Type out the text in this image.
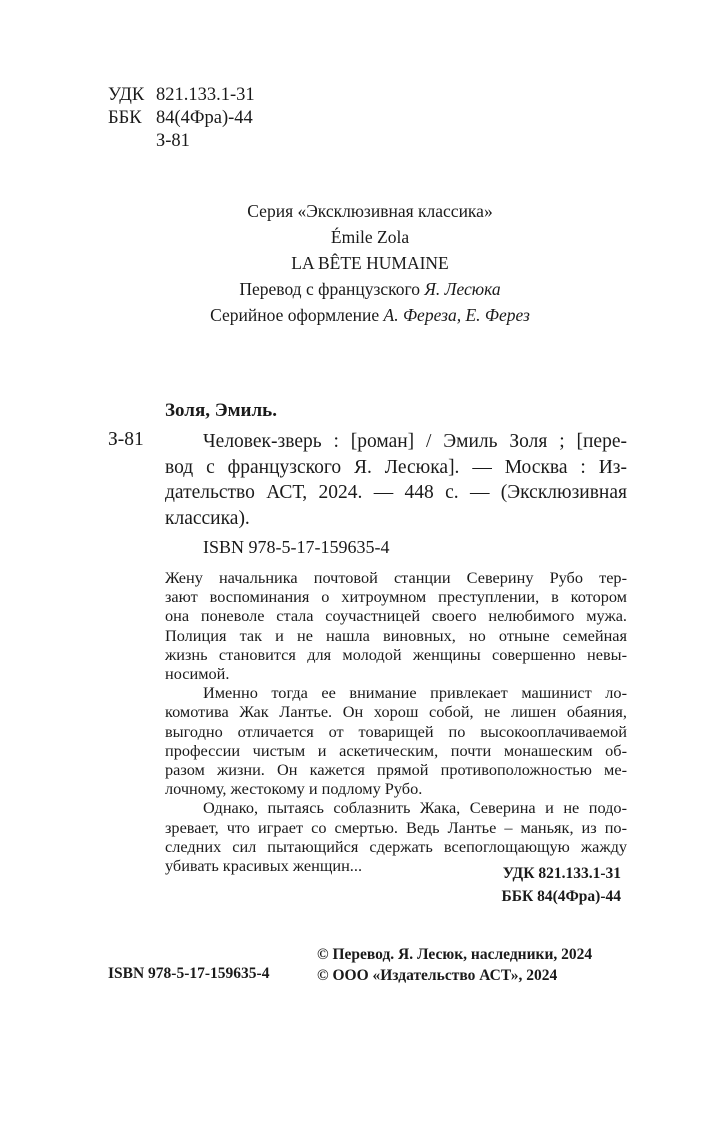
УДК 821.133.1-31
ББК 84(4Фра)-44
З-81
Серия «Эксклюзивная классика»
Émile Zola
LA BÊTE HUMAINE
Перевод с французского Я. Лесюка
Серийное оформление А. Фереза, Е. Ферез
Золя, Эмиль.
З-81	Человек-зверь : [роман] / Эмиль Золя ; [пере-
вод с французского Я. Лесюка]. — Москва : Из-
дательство АСТ, 2024. — 448 с. — (Эксклюзивная
классика).
ISBN 978-5-17-159635-4
Жену начальника почтовой станции Северину Рубо тер-
зают воспоминания о хитроумном преступлении, в котором
она поневоле стала соучастницей своего нелюбимого мужа.
Полиция так и не нашла виновных, но отныне семейная
жизнь становится для молодой женщины совершенно невы-
носимой.
Именно тогда ее внимание привлекает машинист ло-
комотива Жак Лантье. Он хорош собой, не лишен обаяния,
выгодно отличается от товарищей по высокооплачиваемой
профессии чистым и аскетическим, почти монашеским об-
разом жизни. Он кажется прямой противоположностью ме-
лочному, жестокому и подлому Рубо.
Однако, пытаясь соблазнить Жака, Северина и не подо-
зревает, что играет со смертью. Ведь Лантье – маньяк, из по-
следних сил пытающийся сдержать всепоглощающую жажду
убивать красивых женщин...	УДК 821.133.1-31
ББК 84(4Фра)-44
© Перевод. Я. Лесюк, наследники, 2024
© ООО «Издательство АСТ», 2024
ISBN 978-5-17-159635-4
